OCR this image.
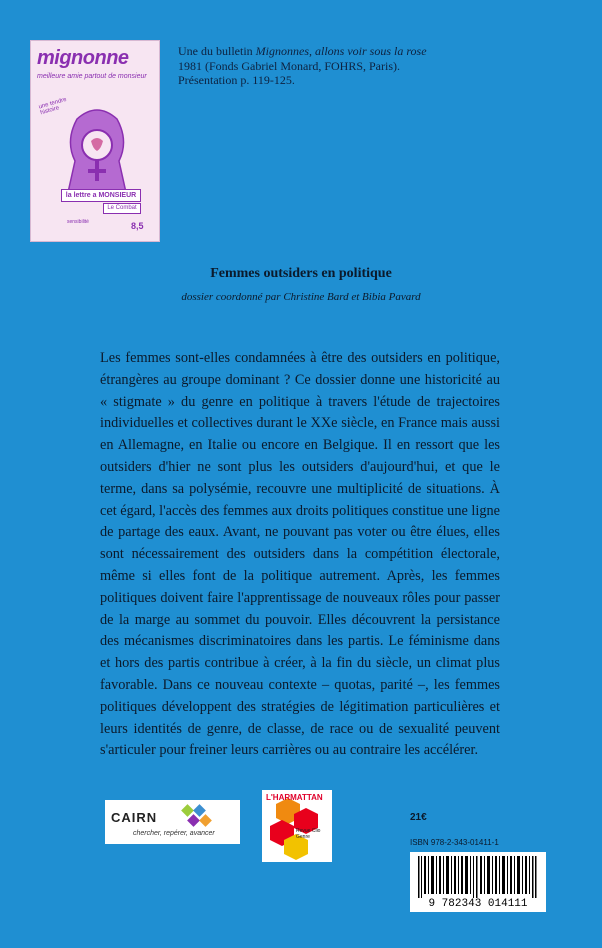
mignonne
meilleure amie partout de monsieur
une tendre histoire
la lettre a MONSIEUR
Le Combat
sensibilité	8,5
Une du bulletin Mignonnes, allons voir sous la rose
1981 (Fonds Gabriel Monard, FOHRS, Paris).
Présentation p. 119-125.
Femmes outsiders en politique
dossier coordonné par Christine Bard et Bibia Pavard
Les femmes sont-elles condamnées à être des outsiders en politique, étrangères au groupe dominant ? Ce dossier donne une historicité au « stigmate » du genre en politique à travers l'étude de trajectoires individuelles et collectives durant le XXe siècle, en France mais aussi en Allemagne, en Italie ou encore en Belgique. Il en ressort que les outsiders d'hier ne sont plus les outsiders d'aujourd'hui, et que le terme, dans sa polysémie, recouvre une multiplicité de situations. À cet égard, l'accès des femmes aux droits politiques constitue une ligne de partage des eaux. Avant, ne pouvant pas voter ou être élues, elles sont nécessairement des outsiders dans la compétition électorale, même si elles font de la politique autrement. Après, les femmes politiques doivent faire l'apprentissage de nouveaux rôles pour passer de la marge au sommet du pouvoir. Elles découvrent la persistance des mécanismes discriminatoires dans les partis. Le féminisme dans et hors des partis contribue à créer, à la fin du siècle, un climat plus favorable. Dans ce nouveau contexte – quotas, parité –, les femmes politiques développent des stratégies de légitimation particulières et leurs identités de genre, de classe, de race ou de sexualité peuvent s'articuler pour freiner leurs carrières ou au contraire les accélérer.
CAIRN
chercher, repérer, avancer
L'HARMATTAN
Revue Clio Genre
21€
ISBN 978-2-343-01411-1
9 782343 014111
